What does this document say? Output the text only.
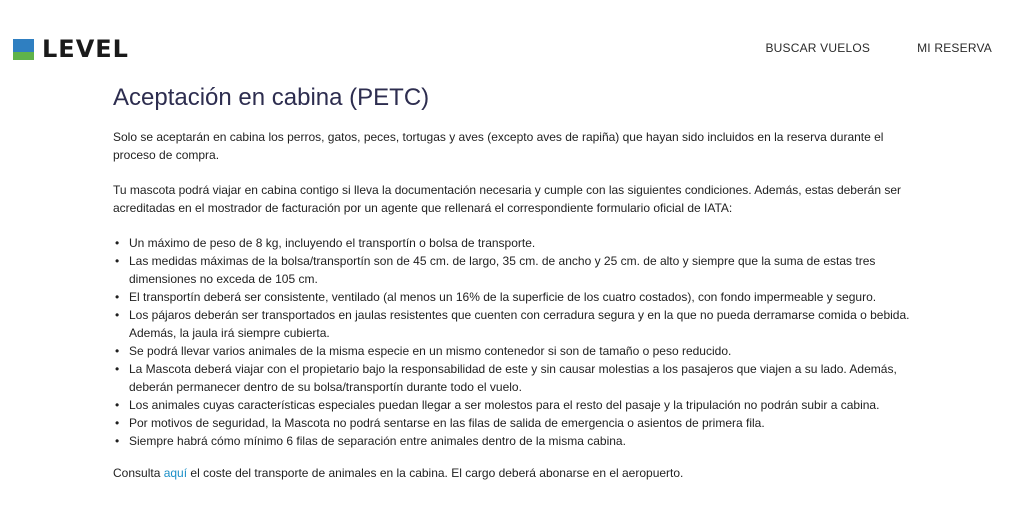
LEVEL	BUSCAR VUELOS	MI RESERVA
Aceptación en cabina (PETC)

Solo se aceptarán en cabina los perros, gatos, peces, tortugas y aves (excepto aves de rapiña) que hayan sido incluidos en la reserva durante el proceso de compra.

Tu mascota podrá viajar en cabina contigo si lleva la documentación necesaria y cumple con las siguientes condiciones. Además, estas deberán ser acreditadas en el mostrador de facturación por un agente que rellenará el correspondiente formulario oficial de IATA:

• Un máximo de peso de 8 kg, incluyendo el transportín o bolsa de transporte.
• Las medidas máximas de la bolsa/transportín son de 45 cm. de largo, 35 cm. de ancho y 25 cm. de alto y siempre que la suma de estas tres dimensiones no exceda de 105 cm.
• El transportín deberá ser consistente, ventilado (al menos un 16% de la superficie de los cuatro costados), con fondo impermeable y seguro.
• Los pájaros deberán ser transportados en jaulas resistentes que cuenten con cerradura segura y en la que no pueda derramarse comida o bebida. Además, la jaula irá siempre cubierta.
• Se podrá llevar varios animales de la misma especie en un mismo contenedor si son de tamaño o peso reducido.
• La Mascota deberá viajar con el propietario bajo la responsabilidad de este y sin causar molestias a los pasajeros que viajen a su lado. Además, deberán permanecer dentro de su bolsa/transportín durante todo el vuelo.
• Los animales cuyas características especiales puedan llegar a ser molestos para el resto del pasaje y la tripulación no podrán subir a cabina.
• Por motivos de seguridad, la Mascota no podrá sentarse en las filas de salida de emergencia o asientos de primera fila.
• Siempre habrá cómo mínimo 6 filas de separación entre animales dentro de la misma cabina.

Consulta aquí el coste del transporte de animales en la cabina. El cargo deberá abonarse en el aeropuerto.
